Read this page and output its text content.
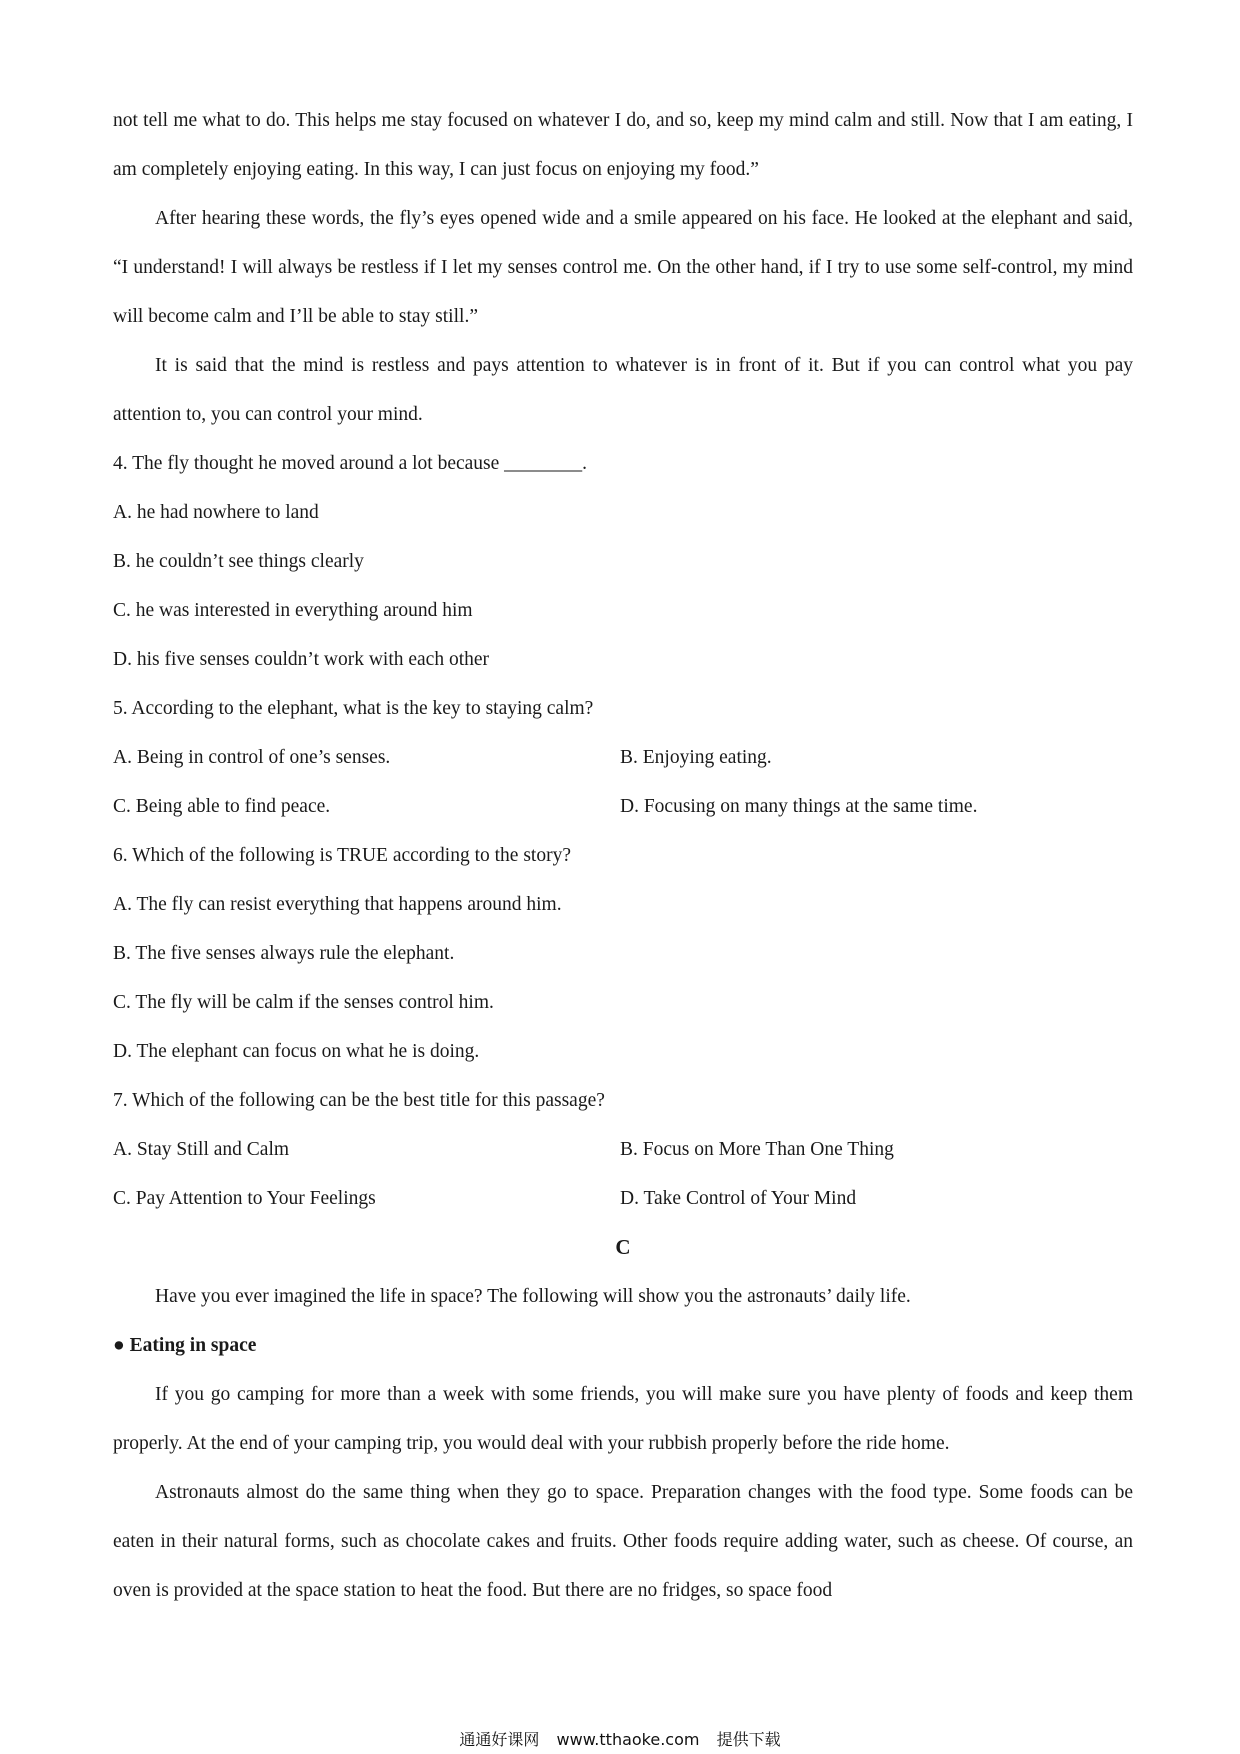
not tell me what to do. This helps me stay focused on whatever I do, and so, keep my mind calm and still. Now that I am eating, I am completely enjoying eating. In this way, I can just focus on enjoying my food.”
After hearing these words, the fly’s eyes opened wide and a smile appeared on his face. He looked at the elephant and said, “I understand! I will always be restless if I let my senses control me. On the other hand, if I try to use some self-control, my mind will become calm and I’ll be able to stay still.”
It is said that the mind is restless and pays attention to whatever is in front of it. But if you can control what you pay attention to, you can control your mind.
4. The fly thought he moved around a lot because ________.
A. he had nowhere to land
B. he couldn’t see things clearly
C. he was interested in everything around him
D. his five senses couldn’t work with each other
5. According to the elephant, what is the key to staying calm?
A. Being in control of one’s senses.	B. Enjoying eating.
C. Being able to find peace.	D. Focusing on many things at the same time.
6. Which of the following is TRUE according to the story?
A. The fly can resist everything that happens around him.
B. The five senses always rule the elephant.
C. The fly will be calm if the senses control him.
D. The elephant can focus on what he is doing.
7. Which of the following can be the best title for this passage?
A. Stay Still and Calm	B. Focus on More Than One Thing
C. Pay Attention to Your Feelings	D. Take Control of Your Mind
C
Have you ever imagined the life in space? The following will show you the astronauts’ daily life.
● Eating in space
If you go camping for more than a week with some friends, you will make sure you have plenty of foods and keep them properly. At the end of your camping trip, you would deal with your rubbish properly before the ride home.
Astronauts almost do the same thing when they go to space. Preparation changes with the food type. Some foods can be eaten in their natural forms, such as chocolate cakes and fruits. Other foods require adding water, such as cheese. Of course, an oven is provided at the space station to heat the food. But there are no fridges, so space food
通通好课网 www.tthaoke.com 提供下载
